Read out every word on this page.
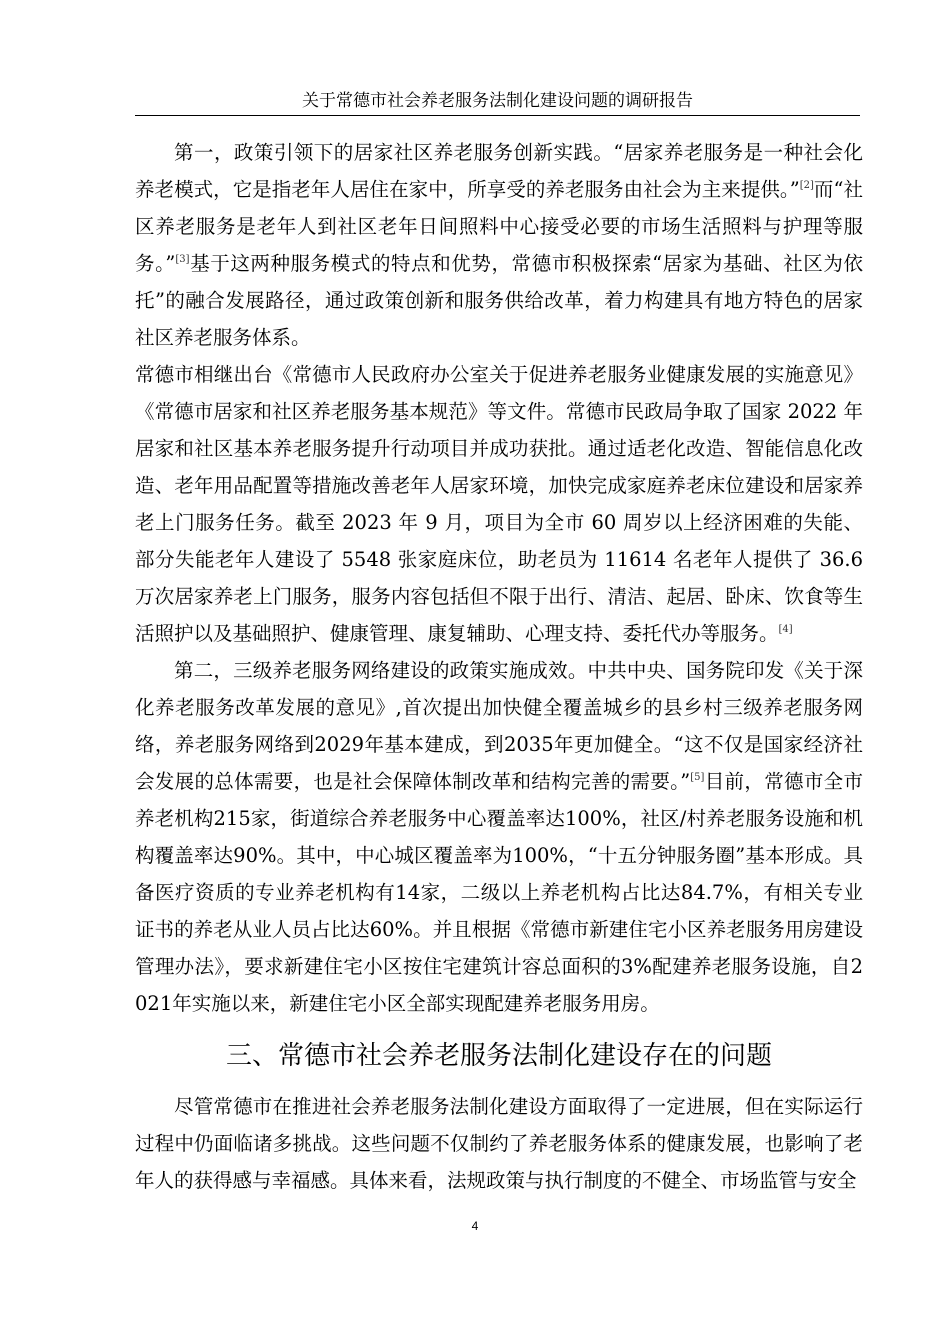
关于常德市社会养老服务法制化建设问题的调研报告

第一，政策引领下的居家社区养老服务创新实践。“居家养老服务是一种社会化养老模式，它是指老年人居住在家中，所享受的养老服务由社会为主来提供。”[2]而“社区养老服务是老年人到社区老年日间照料中心接受必要的市场生活照料与护理等服务。”[3]基于这两种服务模式的特点和优势，常德市积极探索“居家为基础、社区为依托”的融合发展路径，通过政策创新和服务供给改革，着力构建具有地方特色的居家社区养老服务体系。

常德市相继出台《常德市人民政府办公室关于促进养老服务业健康发展的实施意见》《常德市居家和社区养老服务基本规范》等文件。常德市民政局争取了国家 2022 年居家和社区基本养老服务提升行动项目并成功获批。通过适老化改造、智能信息化改造、老年用品配置等措施改善老年人居家环境，加快完成家庭养老床位建设和居家养老上门服务任务。截至 2023 年 9 月，项目为全市 60 周岁以上经济困难的失能、部分失能老年人建设了 5548 张家庭床位，助老员为 11614 名老年人提供了 36.6 万次居家养老上门服务，服务内容包括但不限于出行、清洁、起居、卧床、饮食等生活照护以及基础照护、健康管理、康复辅助、心理支持、委托代办等服务。[4]

第二，三级养老服务网络建设的政策实施成效。中共中央、国务院印发《关于深化养老服务改革发展的意见》,首次提出加快健全覆盖城乡的县乡村三级养老服务网络，养老服务网络到2029年基本建成，到2035年更加健全。“这不仅是国家经济社会发展的总体需要，也是社会保障体制改革和结构完善的需要。”[5]目前，常德市全市养老机构215家，街道综合养老服务中心覆盖率达100%，社区/村养老服务设施和机构覆盖率达90%。其中，中心城区覆盖率为100%，“十五分钟服务圈”基本形成。具备医疗资质的专业养老机构有14家，二级以上养老机构占比达84.7%，有相关专业证书的养老从业人员占比达60%。并且根据《常德市新建住宅小区养老服务用房建设管理办法》，要求新建住宅小区按住宅建筑计容总面积的3%配建养老服务设施，自2021年实施以来，新建住宅小区全部实现配建养老服务用房。

三、常德市社会养老服务法制化建设存在的问题

尽管常德市在推进社会养老服务法制化建设方面取得了一定进展，但在实际运行过程中仍面临诸多挑战。这些问题不仅制约了养老服务体系的健康发展，也影响了老年人的获得感与幸福感。具体来看，法规政策与执行制度的不健全、市场监管与安全

4
